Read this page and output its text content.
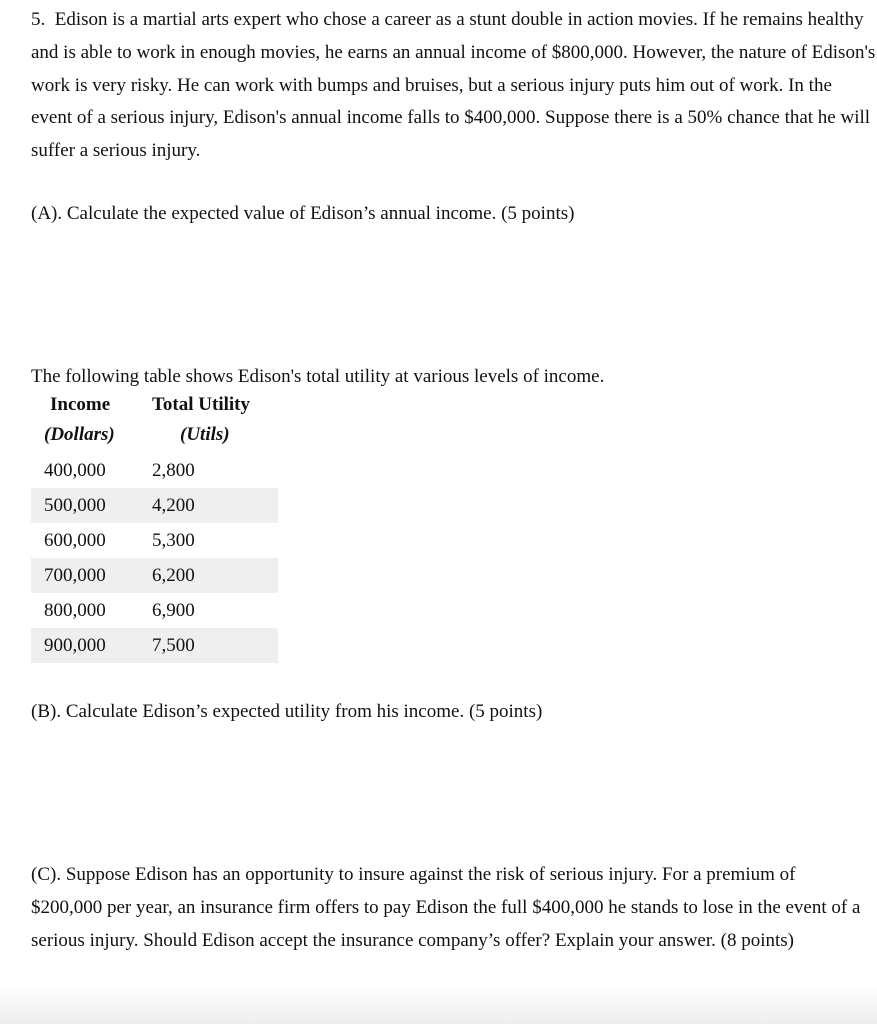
5. Edison is a martial arts expert who chose a career as a stunt double in action movies. If he remains healthy and is able to work in enough movies, he earns an annual income of $800,000. However, the nature of Edison's work is very risky. He can work with bumps and bruises, but a serious injury puts him out of work. In the event of a serious injury, Edison's annual income falls to $400,000. Suppose there is a 50% chance that he will suffer a serious injury.

(A). Calculate the expected value of Edison’s annual income. (5 points)

The following table shows Edison's total utility at various levels of income.

Income Total Utility
(Dollars)	(Utils)
400,000 2,800
500,000 4,200
600,000 5,300
700,000 6,200
800,000 6,900
900,000 7,500

(B). Calculate Edison’s expected utility from his income. (5 points)

(C). Suppose Edison has an opportunity to insure against the risk of serious injury. For a premium of $200,000 per year, an insurance firm offers to pay Edison the full $400,000 he stands to lose in the event of a serious injury. Should Edison accept the insurance company’s offer? Explain your answer. (8 points)
